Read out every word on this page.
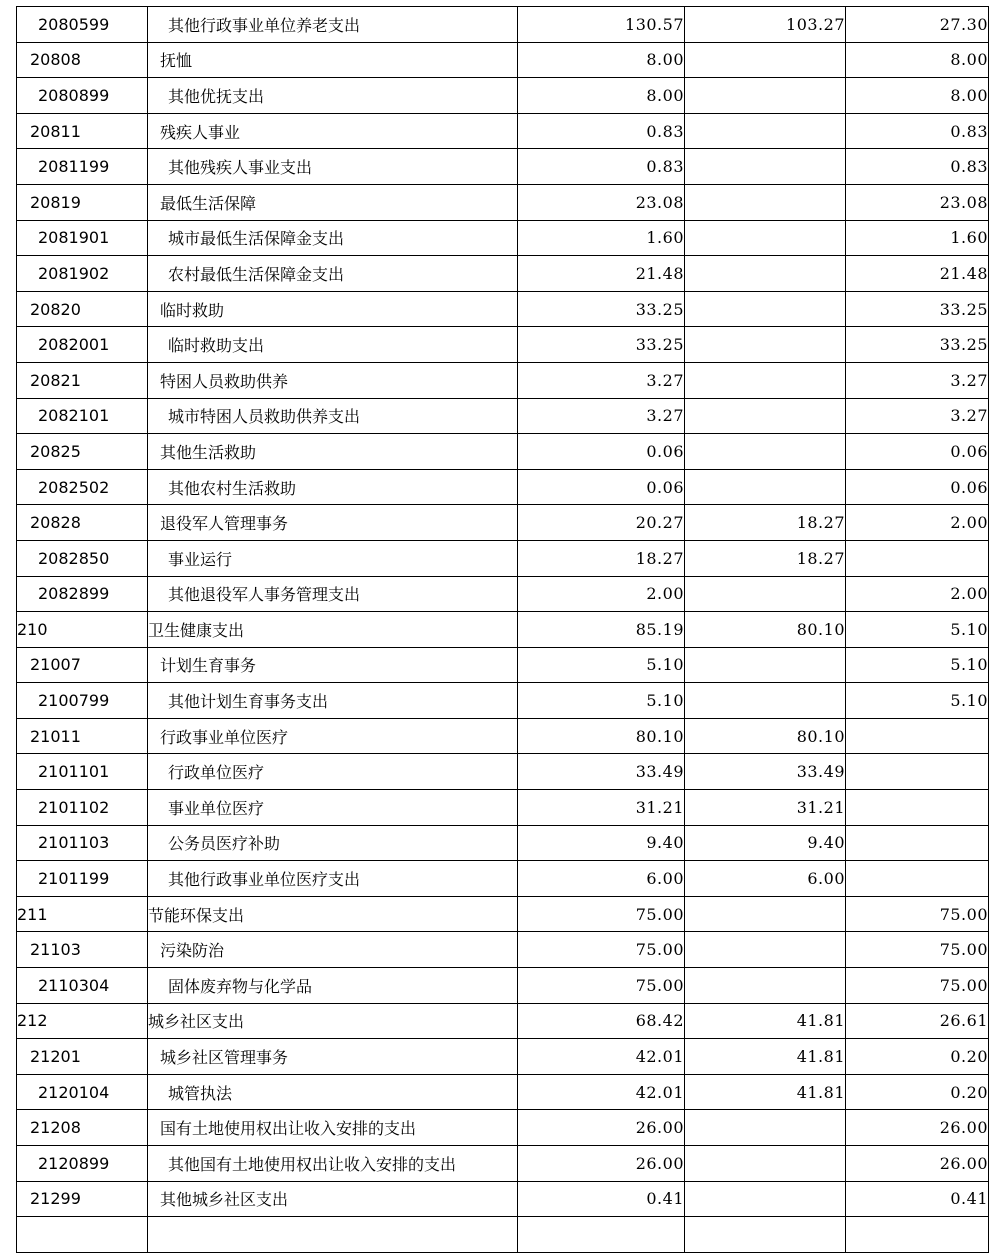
2080599	其他行政事业单位养老支出	130.57	103.27	27.30
20808	抚恤	8.00		8.00
2080899	其他优抚支出	8.00		8.00
20811	残疾人事业	0.83		0.83
2081199	其他残疾人事业支出	0.83		0.83
20819	最低生活保障	23.08		23.08
2081901	城市最低生活保障金支出	1.60		1.60
2081902	农村最低生活保障金支出	21.48		21.48
20820	临时救助	33.25		33.25
2082001	临时救助支出	33.25		33.25
20821	特困人员救助供养	3.27		3.27
2082101	城市特困人员救助供养支出	3.27		3.27
20825	其他生活救助	0.06		0.06
2082502	其他农村生活救助	0.06		0.06
20828	退役军人管理事务	20.27	18.27	2.00
2082850	事业运行	18.27	18.27	
2082899	其他退役军人事务管理支出	2.00		2.00
210	卫生健康支出	85.19	80.10	5.10
21007	计划生育事务	5.10		5.10
2100799	其他计划生育事务支出	5.10		5.10
21011	行政事业单位医疗	80.10	80.10	
2101101	行政单位医疗	33.49	33.49	
2101102	事业单位医疗	31.21	31.21	
2101103	公务员医疗补助	9.40	9.40	
2101199	其他行政事业单位医疗支出	6.00	6.00	
211	节能环保支出	75.00		75.00
21103	污染防治	75.00		75.00
2110304	固体废弃物与化学品	75.00		75.00
212	城乡社区支出	68.42	41.81	26.61
21201	城乡社区管理事务	42.01	41.81	0.20
2120104	城管执法	42.01	41.81	0.20
21208	国有土地使用权出让收入安排的支出	26.00		26.00
2120899	其他国有土地使用权出让收入安排的支出	26.00		26.00
21299	其他城乡社区支出	0.41		0.41
